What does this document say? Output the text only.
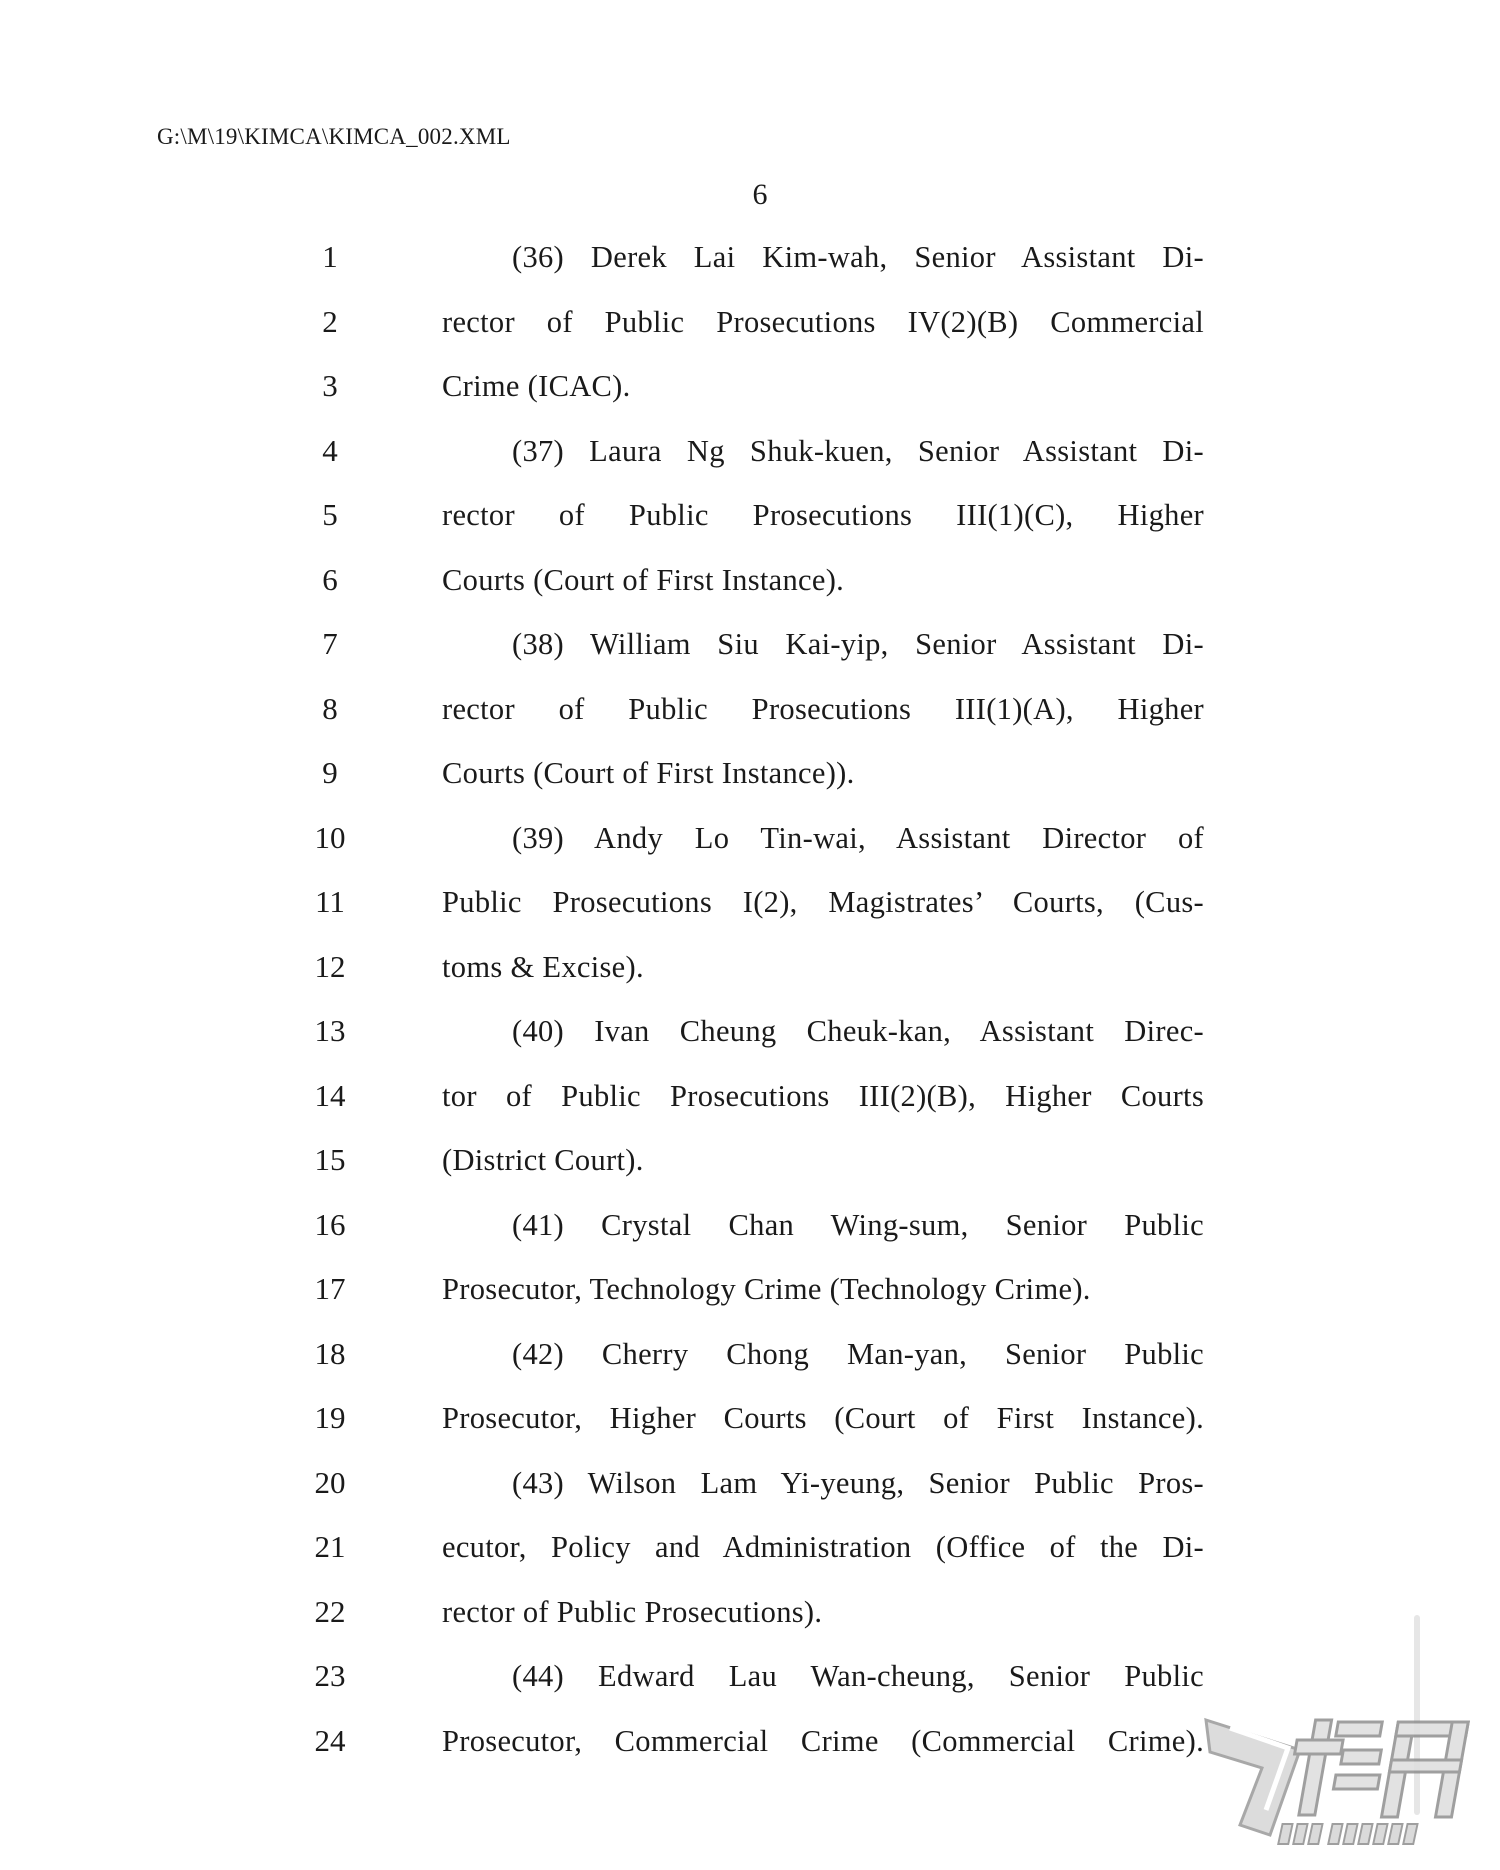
G:\M\19\KIMCA\KIMCA_002.XML
6
1	(36) Derek Lai Kim-wah, Senior Assistant Di-
2	rector of Public Prosecutions IV(2)(B) Commercial
3	Crime (ICAC).
4	(37) Laura Ng Shuk-kuen, Senior Assistant Di-
5	rector of Public Prosecutions III(1)(C), Higher
6	Courts (Court of First Instance).
7	(38) William Siu Kai-yip, Senior Assistant Di-
8	rector of Public Prosecutions III(1)(A), Higher
9	Courts (Court of First Instance)).
10	(39) Andy Lo Tin-wai, Assistant Director of
11	Public Prosecutions I(2), Magistrates’ Courts, (Cus-
12	toms & Excise).
13	(40) Ivan Cheung Cheuk-kan, Assistant Direc-
14	tor of Public Prosecutions III(2)(B), Higher Courts
15	(District Court).
16	(41) Crystal Chan Wing-sum, Senior Public
17	Prosecutor, Technology Crime (Technology Crime).
18	(42) Cherry Chong Man-yan, Senior Public
19	Prosecutor, Higher Courts (Court of First Instance).
20	(43) Wilson Lam Yi-yeung, Senior Public Pros-
21	ecutor, Policy and Administration (Office of the Di-
22	rector of Public Prosecutions).
23	(44) Edward Lau Wan-cheung, Senior Public
24	Prosecutor, Commercial Crime (Commercial Crime).
